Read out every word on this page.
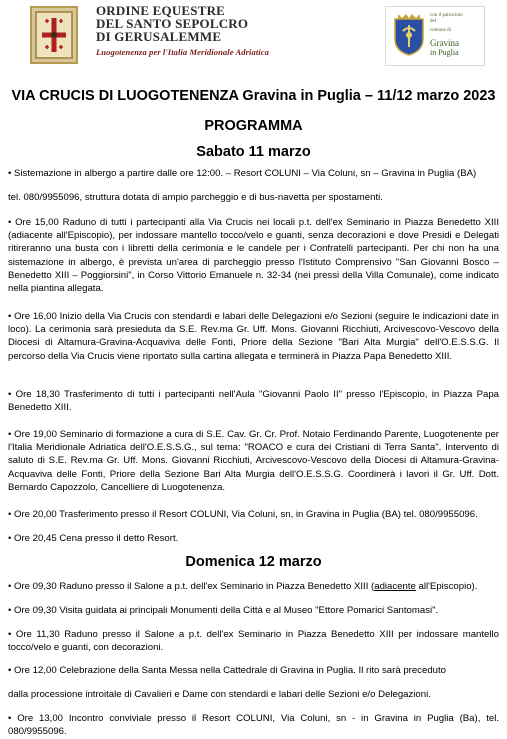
ORDINE EQUESTRE
DEL SANTO SEPOLCRO
DI GERUSALEMME
Luogotenenza per l'Italia Meridionale Adriatica
con il patrocinio
del
comune di
Gravina
in Puglia
VIA CRUCIS DI LUOGOTENENZA Gravina in Puglia – 11/12 marzo 2023
PROGRAMMA
Sabato 11 marzo

• Sistemazione in albergo a partire dalle ore 12:00. – Resort COLUNI – Via Coluni, sn – Gravina in Puglia (BA)

tel. 080/9955096, struttura dotata di ampio parcheggio e di bus-navetta per spostamenti.

• Ore 15,00 Raduno di tutti i partecipanti alla Via Crucis nei locali p.t. dell'ex Seminario in Piazza Benedetto XIII (adiacente all'Episcopio), per indossare mantello tocco/velo e guanti, senza decorazioni e dove Presidi e Delegati ritireranno una busta con i libretti della cerimonia e le candele per i Confratelli partecipanti. Per chi non ha una sistemazione in albergo, è prevista un'area di parcheggio presso l'Istituto Comprensivo "San Giovanni Bosco – Benedetto XIII – Poggiorsini", in Corso Vittorio Emanuele n. 32-34 (nei pressi della Villa Comunale), come indicato nella piantina allegata.

• Ore 16,00 Inizio della Via Crucis con stendardi e labari delle Delegazioni e/o Sezioni (seguire le indicazioni date in loco). La cerimonia sarà presieduta da S.E. Rev.ma Gr. Uff. Mons. Giovanni Ricchiuti, Arcivescovo-Vescovo della Diocesi di Altamura-Gravina-Acquaviva delle Fonti, Priore della Sezione "Bari Alta Murgia" dell'O.E.S.S.G. Il percorso della Via Crucis viene riportato sulla cartina allegata e terminerà in Piazza Papa Benedetto XIII.

• Ore 18,30 Trasferimento di tutti i partecipanti nell'Aula "Giovanni Paolo II" presso l'Episcopio, in Piazza Papa Benedetto XIII.

• Ore 19,00 Seminario di formazione a cura di S.E. Cav. Gr. Cr. Prof. Notaio Ferdinando Parente, Luogotenente per l'Italia Meridionale Adriatica dell'O.E.S.S.G., sul tema: "ROACO e cura dei Cristiani di Terra Santa". Intervento di saluto di S.E. Rev.ma Gr. Uff. Mons. Giovanni Ricchiuti, Arcivescovo-Vescovo della Diocesi di Altamura-Gravina-Acquaviva delle Fonti, Priore della Sezione Bari Alta Murgia dell'O.E.S.S.G. Coordinerà i lavori il Gr. Uff. Dott. Bernardo Capozzolo, Cancelliere di Luogotenenza.

• Ore 20,00 Trasferimento presso il Resort COLUNI, Via Coluni, sn, in Gravina in Puglia (BA) tel. 080/9955096.

• Ore 20,45 Cena presso il detto Resort.

Domenica 12 marzo

• Ore 09,30 Raduno presso il Salone a p.t. dell'ex Seminario in Piazza Benedetto XIII (adiacente all'Episcopio).

• Ore 09,30 Visita guidata ai principali Monumenti della Città e al Museo "Ettore Pomarici Santomasi".

• Ore 11,30 Raduno presso il Salone a p.t. dell'ex Seminario in Piazza Benedetto XIII per indossare mantello tocco/velo e guanti, con decorazioni.

• Ore 12,00 Celebrazione della Santa Messa nella Cattedrale di Gravina in Puglia. Il rito sarà preceduto

dalla processione introitale di Cavalieri e Dame con stendardi e labari delle Sezioni e/o Delegazioni.

• Ore 13,00 Incontro conviviale presso il Resort COLUNI, Via Coluni, sn - in Gravina in Puglia (Ba), tel. 080/9955096.
